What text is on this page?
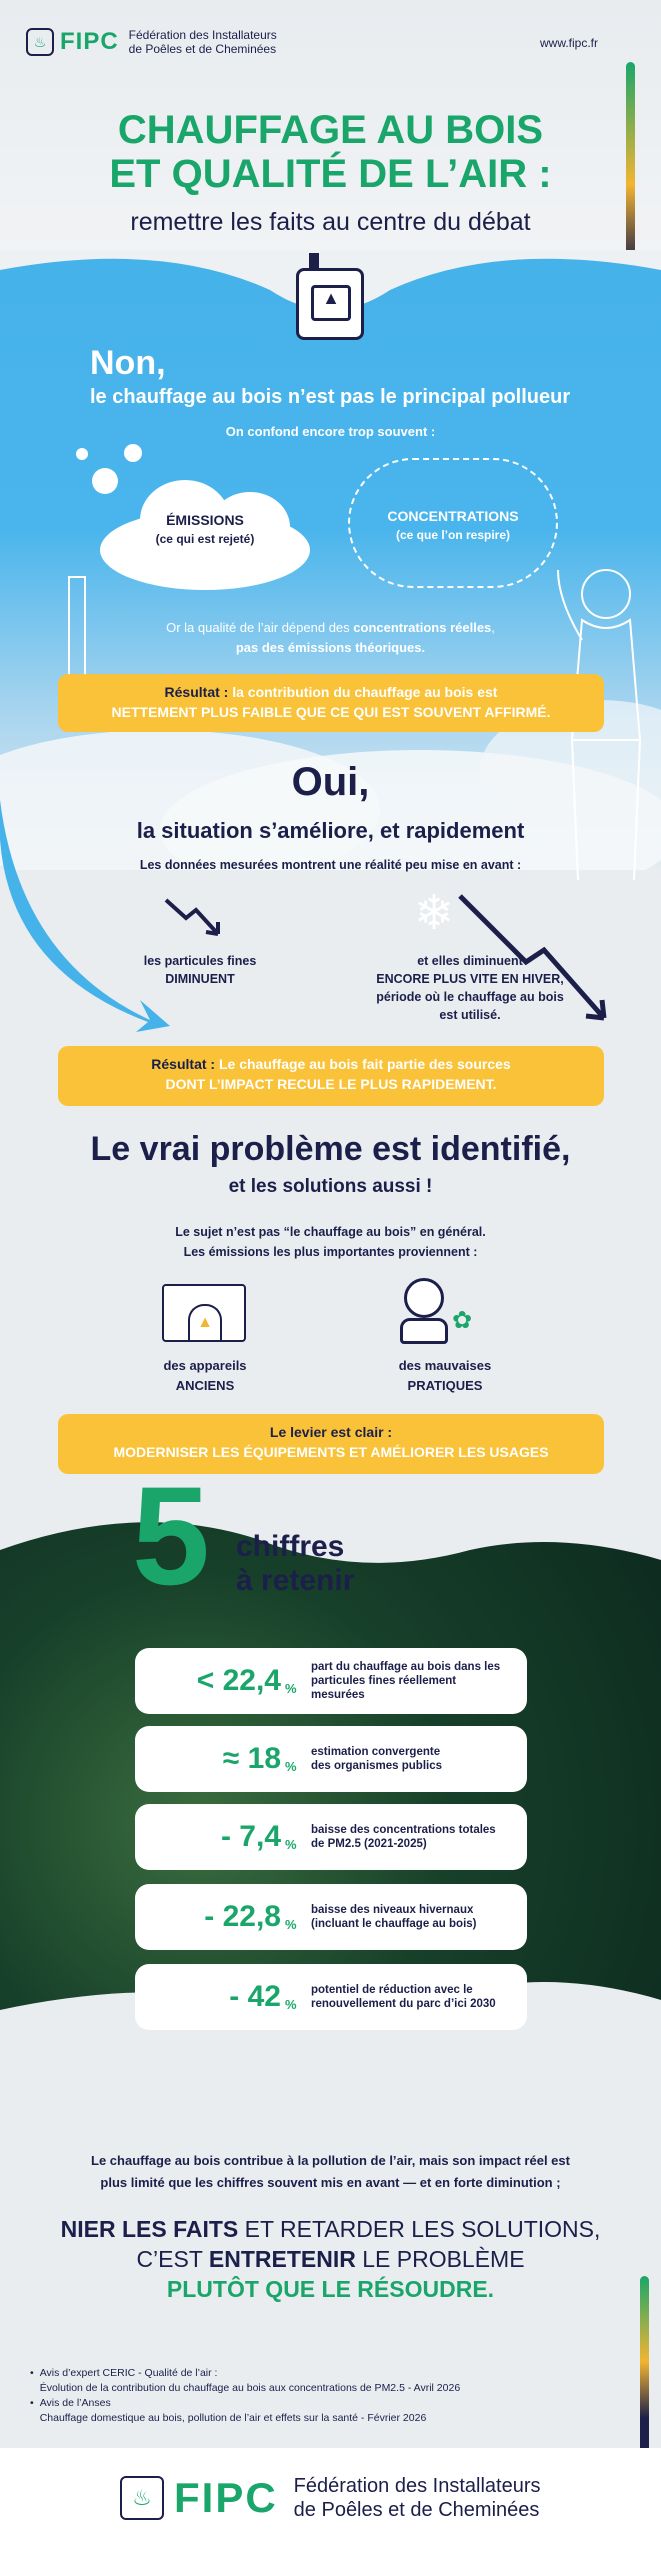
♨ FIPC Fédération des Installateurs
de Poêles et de Cheminées	www.fipc.fr
CHAUFFAGE AU BOIS
ET QUALITÉ DE L’AIR :
remettre les faits au centre du débat
▲
Non,
le chauffage au bois n’est pas le principal pollueur
On confond encore trop souvent :
ÉMISSIONS
(ce qui est rejeté)
CONCENTRATIONS
(ce que l’on respire)
Or la qualité de l’air dépend des concentrations réelles,
pas des émissions théoriques.
Résultat : la contribution du chauffage au bois est
NETTEMENT PLUS FAIBLE QUE CE QUI EST SOUVENT AFFIRMÉ.
Oui,
la situation s’améliore, et rapidement
Les données mesurées montrent une réalité peu mise en avant :
les particules fines
DIMINUENT
❄
et elles diminuent
ENCORE PLUS VITE EN HIVER,
période où le chauffage au bois
est utilisé.
Résultat : Le chauffage au bois fait partie des sources
DONT L’IMPACT RECULE LE PLUS RAPIDEMENT.
Le vrai problème est identifié,
et les solutions aussi !
Le sujet n’est pas “le chauffage au bois” en général.
Les émissions les plus importantes proviennent :
▲
des appareils
ANCIENS
✿
des mauvaises
PRATIQUES
Le levier est clair :
MODERNISER LES ÉQUIPEMENTS ET AMÉLIORER LES USAGES
5 chiffres
à retenir
< 22,4 %
part du chauffage au bois dans les
particules fines réellement mesurées
≈ 18 %
estimation convergente
des organismes publics
- 7,4 %
baisse des concentrations totales
de PM2.5 (2021-2025)
- 22,8 %
baisse des niveaux hivernaux
(incluant le chauffage au bois)
- 42 %
potentiel de réduction avec le
renouvellement du parc d’ici 2030
Le chauffage au bois contribue à la pollution de l’air, mais son impact réel est
plus limité que les chiffres souvent mis en avant — et en forte diminution ;
NIER LES FAITS ET RETARDER LES SOLUTIONS,
C’EST ENTRETENIR LE PROBLÈME
PLUTÔT QUE LE RÉSOUDRE.
• Avis d’expert CERIC - Qualité de l’air :
Évolution de la contribution du chauffage au bois aux concentrations de PM2.5 - Avril 2026
• Avis de l’Anses
Chauffage domestique au bois, pollution de l’air et effets sur la santé - Février 2026
♨ FIPC Fédération des Installateurs
de Poêles et de Cheminées
